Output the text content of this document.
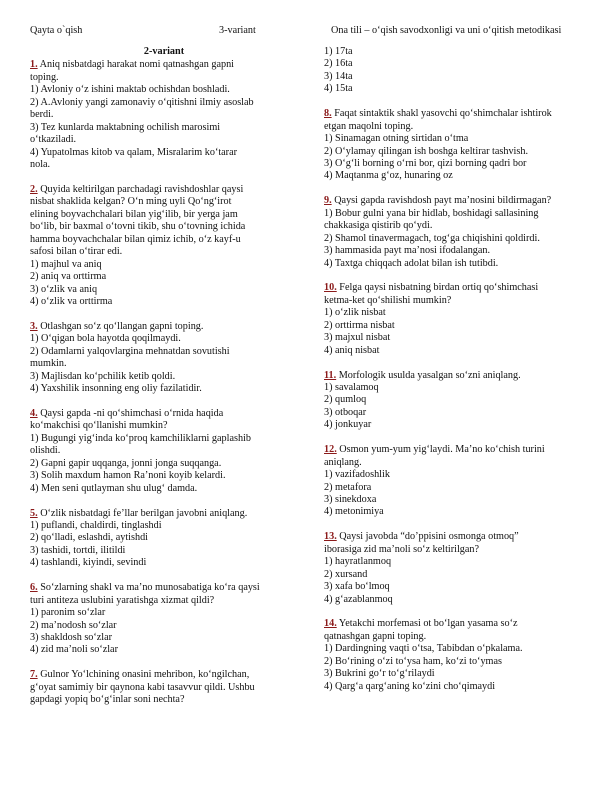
Qayta o`qish	3-variant	Ona tili – o‘qish savodxonligi va uni o‘qitish metodikasi
2-variant
1. Aniq nisbatdagi harakat nomi qatnashgan gapni
toping.
1) Avloniy o‘z ishini maktab ochishdan boshladi.
2) A.Avloniy yangi zamonaviy o‘qitishni ilmiy asoslab
berdi.
3) Tez kunlarda maktabning ochilish marosimi
o‘tkaziladi.
4) Yupatolmas kitob va qalam, Misralarim ko‘tarar
nola.
2. Quyida keltirilgan parchadagi ravishdoshlar qaysi
nisbat shaklida kelgan? O‘n ming uyli Qo‘ng‘irot
elining boyvachchalari bilan yig‘ilib, bir yerga jam
bo‘lib, bir baxmal o‘tovni tikib, shu o‘tovning ichida
hamma boyvachchalar bilan qimiz ichib, o‘z kayf-u
safosi bilan o‘tirar edi.
1) majhul va aniq
2) aniq va orttirma
3) o‘zlik va aniq
4) o‘zlik va orttirma
3. Otlashgan so‘z qo‘llangan gapni toping.
1) O‘qigan bola hayotda qoqilmaydi.
2) Odamlarni yalqovlargina mehnatdan sovutishi
mumkin.
3) Majlisdan ko‘pchilik ketib qoldi.
4) Yaxshilik insonning eng oliy fazilatidir.
4. Qaysi gapda -ni qo‘shimchasi o‘rnida haqida
ko‘makchisi qo‘llanishi mumkin?
1) Bugungi yig‘inda ko‘proq kamchiliklarni gaplashib
olishdi.
2) Gapni gapir uqqanga, jonni jonga suqqanga.
3) Solih maxdum hamon Ra’noni koyib kelardi.
4) Men seni qutlayman shu ulug‘ damda.
5. O‘zlik nisbatdagi fe’llar berilgan javobni aniqlang.
1) puflandi, chaldirdi, tinglashdi
2) qo‘lladi, eslashdi, aytishdi
3) tashidi, tortdi, ilitildi
4) tashlandi, kiyindi, sevindi
6. So‘zlarning shakl va ma’no munosabatiga ko‘ra qaysi
turi antiteza uslubini yaratishga xizmat qildi?
1) paronim so‘zlar
2) ma’nodosh so‘zlar
3) shakldosh so‘zlar
4) zid ma’noli so‘zlar
7. Gulnor Yo‘lchining onasini mehribon, ko‘ngilchan,
g‘oyat samimiy bir qaynona kabi tasavvur qildi. Ushbu
gapdagi yopiq bo‘g‘inlar soni nechta?
1) 17ta
2) 16ta
3) 14ta
4) 15ta
8. Faqat sintaktik shakl yasovchi qo‘shimchalar ishtirok
etgan maqolni toping.
1) Sinamagan otning sirtidan o‘tma
2) O‘ylamay qilingan ish boshga keltirar tashvish.
3) O‘g‘li borning o‘rni bor, qizi borning qadri bor
4) Maqtanma g‘oz, hunaring oz
9. Qaysi gapda ravishdosh payt ma’nosini bildirmagan?
1) Bobur gulni yana bir hidlab, boshidagi sallasining
chakkasiga qistirib qo‘ydi.
2) Shamol tinavermagach, tog‘ga chiqishini qoldirdi.
3) hammasida payt ma’nosi ifodalangan.
4) Taxtga chiqqach adolat bilan ish tutibdi.
10. Felga qaysi nisbatning birdan ortiq qo‘shimchasi
ketma-ket qo‘shilishi mumkin?
1) o‘zlik nisbat
2) orttirma nisbat
3) majxul nisbat
4) aniq nisbat
11. Morfologik usulda yasalgan so‘zni aniqlang.
1) savalamoq
2) qumloq
3) otboqar
4) jonkuyar
12. Osmon yum-yum yig‘laydi. Ma’no ko‘chish turini
aniqlang.
1) vazifadoshlik
2) metafora
3) sinekdoxa
4) metonimiya
13. Qaysi javobda “do’ppisini osmonga otmoq”
iborasiga zid ma’noli so‘z keltirilgan?
1) hayratlanmoq
2) xursand
3) xafa bo‘lmoq
4) g‘azablanmoq
14. Yetakchi morfemasi ot bo‘lgan yasama so‘z
qatnashgan gapni toping.
1) Dardingning vaqti o‘tsa, Tabibdan o‘pkalama.
2) Bo‘rining o‘zi to‘ysa ham, ko‘zi to‘ymas
3) Bukrini go‘r to‘g‘rilaydi
4) Qarg‘a qarg‘aning ko‘zini cho‘qimaydi
